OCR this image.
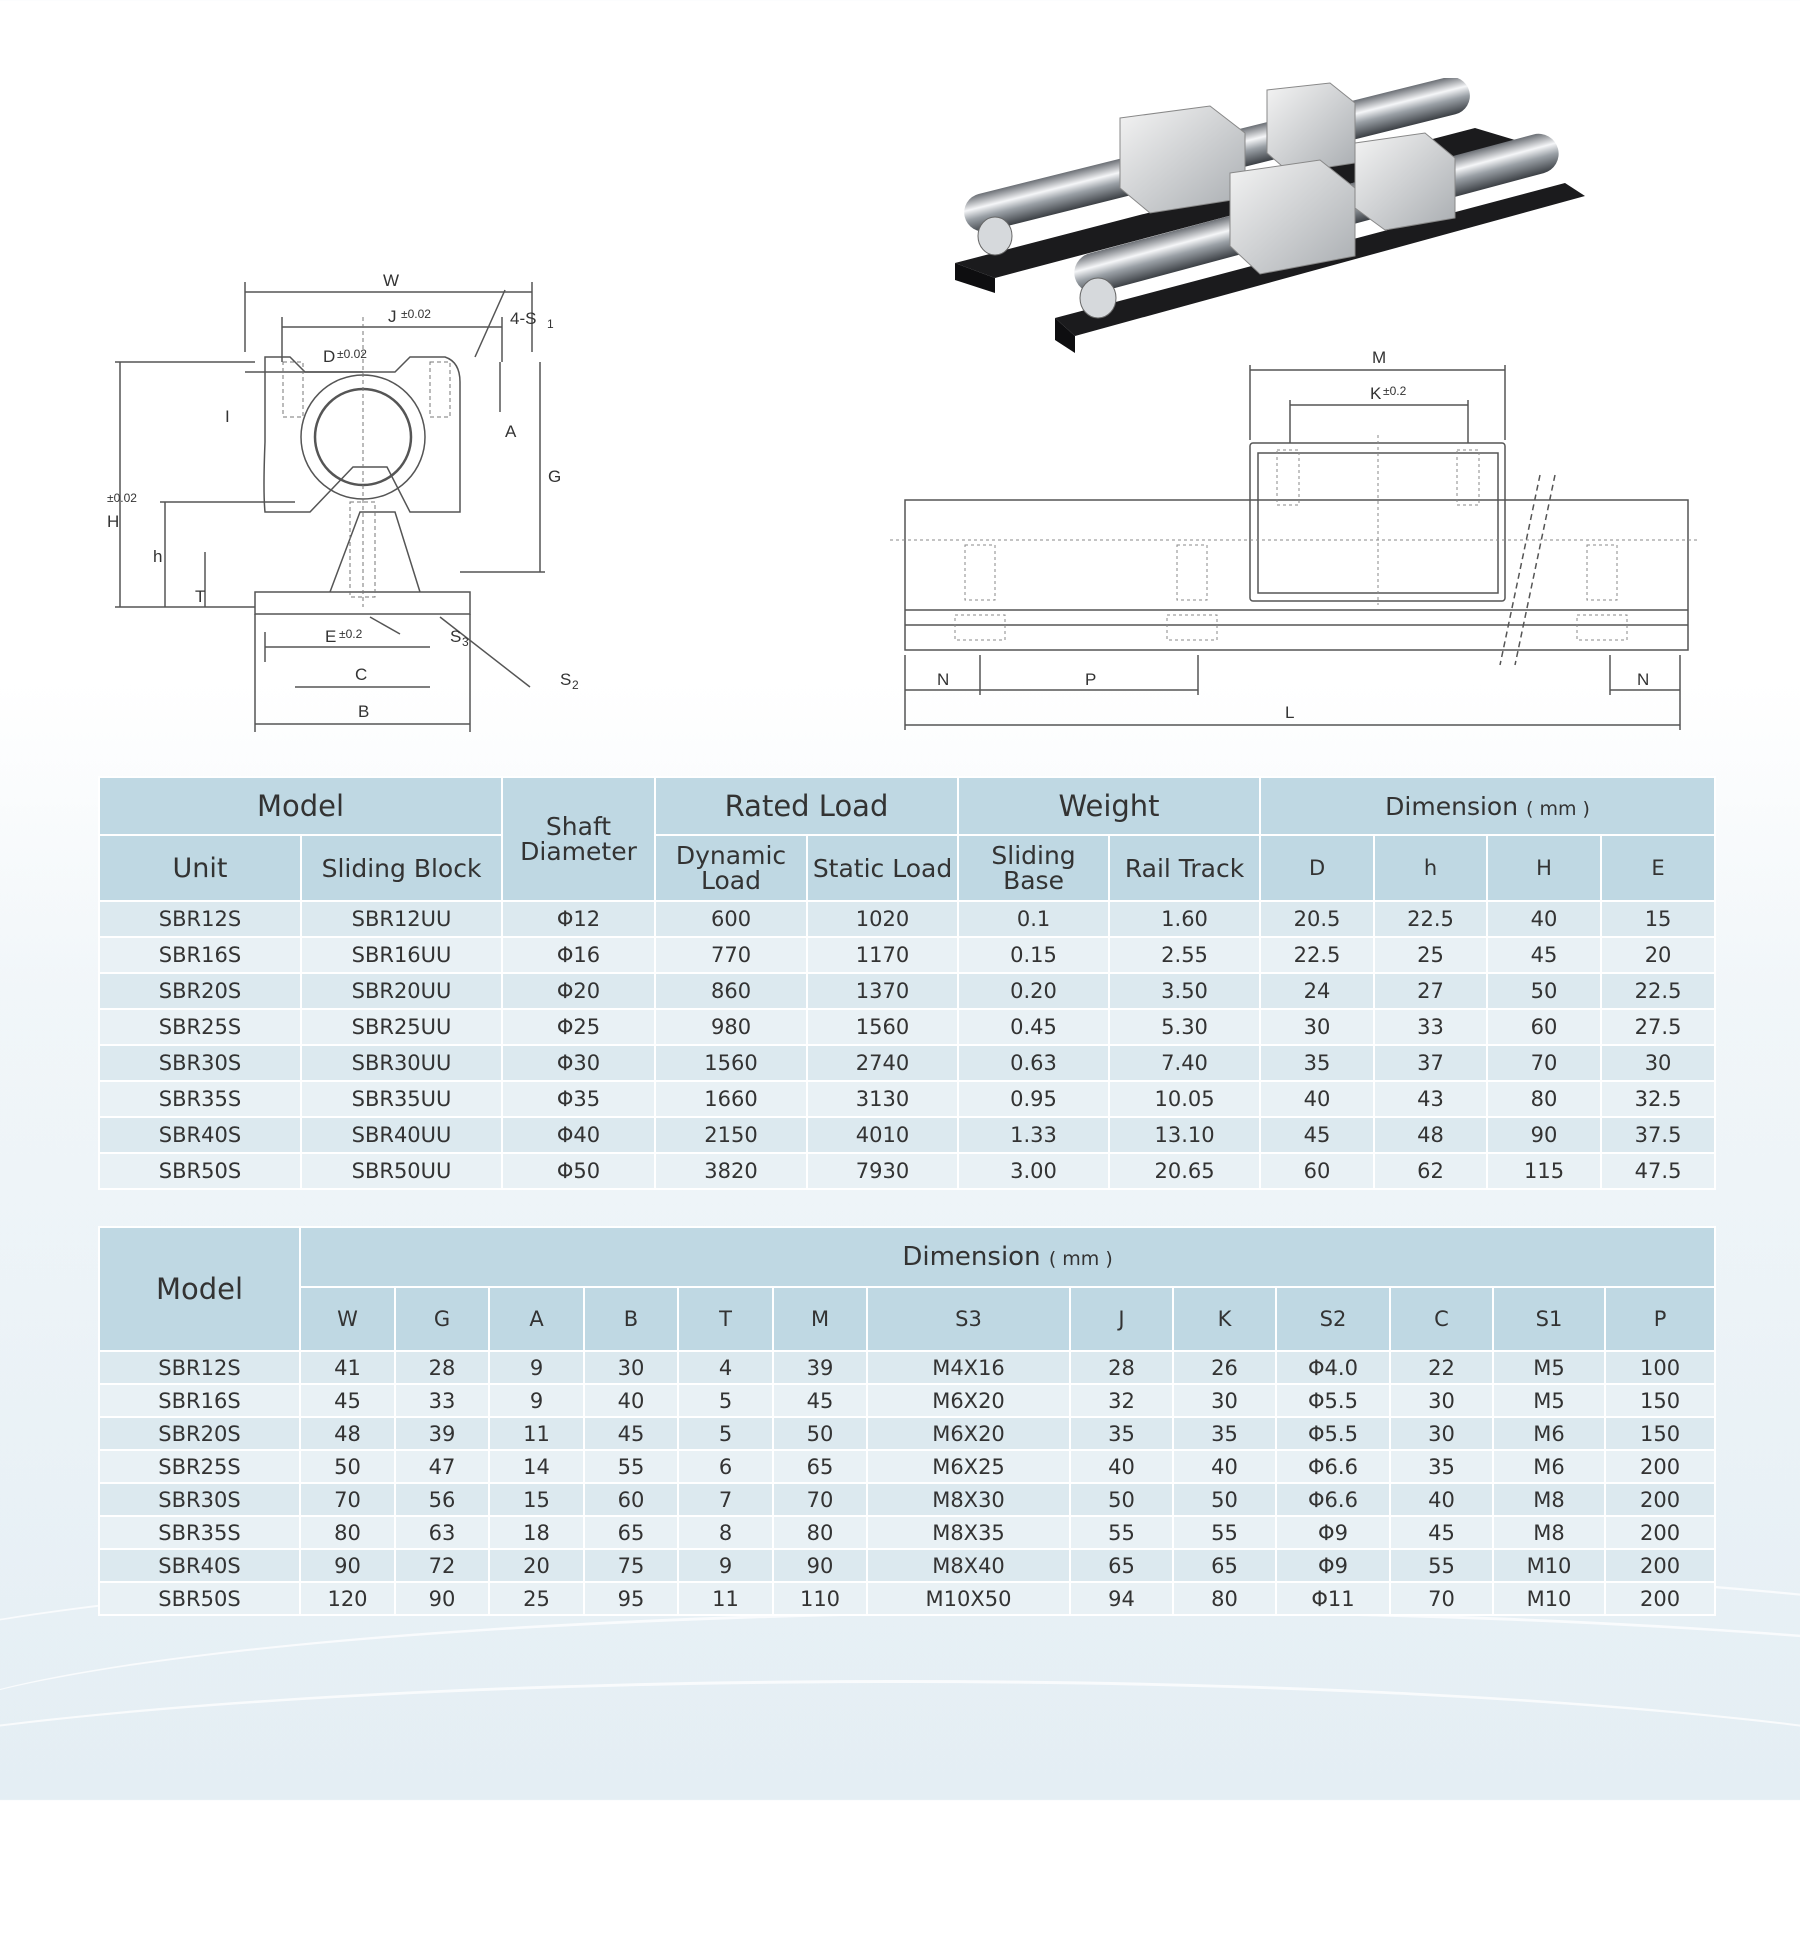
W
J ±0.02
D ±0.02
4-S 1
I
A
G
H
±0.02
h
T
E ±0.2	S 3
C	S 2
B
M
K ±0.2
N	P	N
L
Model		Shaft Diameter	Rated Load		Weight		Dimension ( mm )			
Unit	Sliding Block		Dynamic Load	Static Load	Sliding Base	Rail Track	D	h	H	E
SBR12S	SBR12UU	Φ12	600	1020	0.1	1.60	20.5	22.5	40	15
SBR16S	SBR16UU	Φ16	770	1170	0.15	2.55	22.5	25	45	20
SBR20S	SBR20UU	Φ20	860	1370	0.20	3.50	24	27	50	22.5
SBR25S	SBR25UU	Φ25	980	1560	0.45	5.30	30	33	60	27.5
SBR30S	SBR30UU	Φ30	1560	2740	0.63	7.40	35	37	70	30
SBR35S	SBR35UU	Φ35	1660	3130	0.95	10.05	40	43	80	32.5
SBR40S	SBR40UU	Φ40	2150	4010	1.33	13.10	45	48	90	37.5
SBR50S	SBR50UU	Φ50	3820	7930	3.00	20.65	60	62	115	47.5
Model	Dimension ( mm )												
	W	G	A	B	T	M	S3	J	K	S2	C	S1	P
SBR12S	41	28	9	30	4	39	M4X16	28	26	Φ4.0	22	M5	100
SBR16S	45	33	9	40	5	45	M6X20	32	30	Φ5.5	30	M5	150
SBR20S	48	39	11	45	5	50	M6X20	35	35	Φ5.5	30	M6	150
SBR25S	50	47	14	55	6	65	M6X25	40	40	Φ6.6	35	M6	200
SBR30S	70	56	15	60	7	70	M8X30	50	50	Φ6.6	40	M8	200
SBR35S	80	63	18	65	8	80	M8X35	55	55	Φ9	45	M8	200
SBR40S	90	72	20	75	9	90	M8X40	65	65	Φ9	55	M10	200
SBR50S	120	90	25	95	11	110	M10X50	94	80	Φ11	70	M10	200
